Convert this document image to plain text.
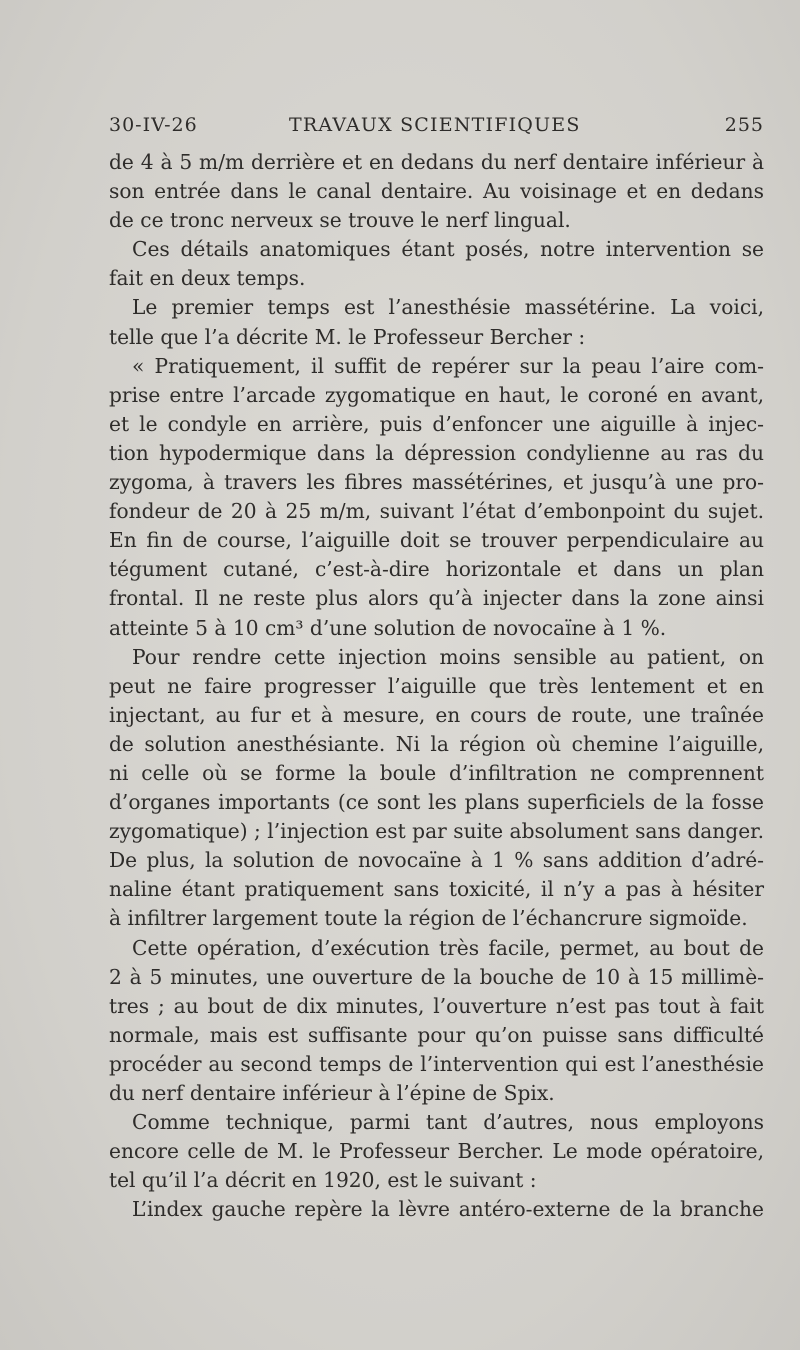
30-IV-26	TRAVAUX SCIENTIFIQUES	255
de 4 à 5 m/m derrière et en dedans du nerf dentaire inférieur à
son entrée dans le canal dentaire. Au voisinage et en dedans
de ce tronc nerveux se trouve le nerf lingual.
Ces détails anatomiques étant posés, notre intervention se
fait en deux temps.
Le premier temps est l’anesthésie massétérine. La voici,
telle que l’a décrite M. le Professeur Bercher :
« Pratiquement, il suffit de repérer sur la peau l’aire com-
prise entre l’arcade zygomatique en haut, le coroné en avant,
et le condyle en arrière, puis d’enfoncer une aiguille à injec-
tion hypodermique dans la dépression condylienne au ras du
zygoma, à travers les fibres massétérines, et jusqu’à une pro-
fondeur de 20 à 25 m/m, suivant l’état d’embonpoint du sujet.
En fin de course, l’aiguille doit se trouver perpendiculaire au
tégument cutané, c’est-à-dire horizontale et dans un plan
frontal. Il ne reste plus alors qu’à injecter dans la zone ainsi
atteinte 5 à 10 cm³ d’une solution de novocaïne à 1 %.
Pour rendre cette injection moins sensible au patient, on
peut ne faire progresser l’aiguille que très lentement et en
injectant, au fur et à mesure, en cours de route, une traînée
de solution anesthésiante. Ni la région où chemine l’aiguille,
ni celle où se forme la boule d’infiltration ne comprennent
d’organes importants (ce sont les plans superficiels de la fosse
zygomatique) ; l’injection est par suite absolument sans danger.
De plus, la solution de novocaïne à 1 % sans addition d’adré-
naline étant pratiquement sans toxicité, il n’y a pas à hésiter
à infiltrer largement toute la région de l’échancrure sigmoïde.
Cette opération, d’exécution très facile, permet, au bout de
2 à 5 minutes, une ouverture de la bouche de 10 à 15 millimè-
tres ; au bout de dix minutes, l’ouverture n’est pas tout à fait
normale, mais est suffisante pour qu’on puisse sans difficulté
procéder au second temps de l’intervention qui est l’anesthésie
du nerf dentaire inférieur à l’épine de Spix.
Comme technique, parmi tant d’autres, nous employons
encore celle de M. le Professeur Bercher. Le mode opératoire,
tel qu’il l’a décrit en 1920, est le suivant :
L’index gauche repère la lèvre antéro-externe de la branche
